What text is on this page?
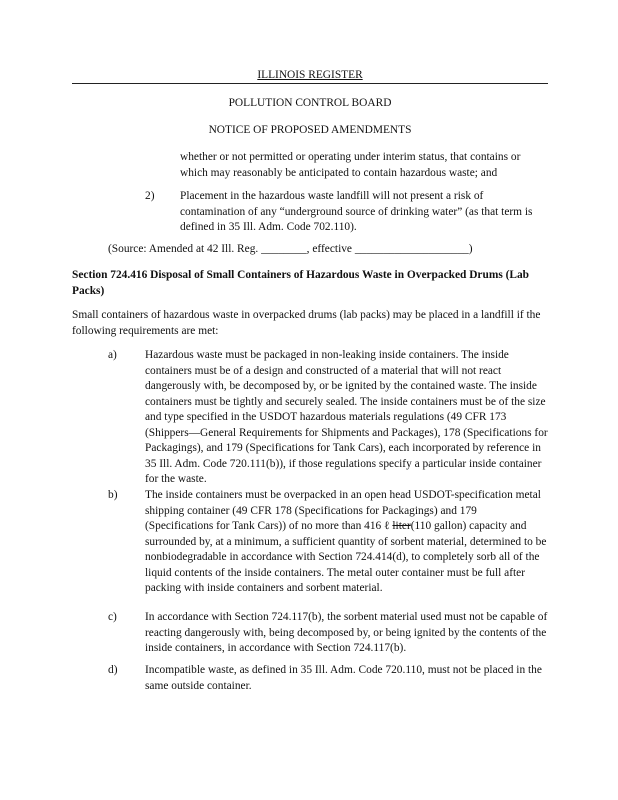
ILLINOIS REGISTER
POLLUTION CONTROL BOARD
NOTICE OF PROPOSED AMENDMENTS
whether or not permitted or operating under interim status, that contains or which may reasonably be anticipated to contain hazardous waste; and
2) Placement in the hazardous waste landfill will not present a risk of contamination of any “underground source of drinking water” (as that term is defined in 35 Ill. Adm. Code 702.110).
(Source: Amended at 42 Ill. Reg. ________, effective ____________________)
Section 724.416 Disposal of Small Containers of Hazardous Waste in Overpacked Drums (Lab Packs)
Small containers of hazardous waste in overpacked drums (lab packs) may be placed in a landfill if the following requirements are met:
a) Hazardous waste must be packaged in non-leaking inside containers. The inside containers must be of a design and constructed of a material that will not react dangerously with, be decomposed by, or be ignited by the contained waste. The inside containers must be tightly and securely sealed. The inside containers must be of the size and type specified in the USDOT hazardous materials regulations (49 CFR 173 (Shippers—General Requirements for Shipments and Packages), 178 (Specifications for Packagings), and 179 (Specifications for Tank Cars), each incorporated by reference in 35 Ill. Adm. Code 720.111(b)), if those regulations specify a particular inside container for the waste.
b) The inside containers must be overpacked in an open head USDOT-specification metal shipping container (49 CFR 178 (Specifications for Packagings) and 179 (Specifications for Tank Cars)) of no more than 416 ℓ liter(110 gallon) capacity and surrounded by, at a minimum, a sufficient quantity of sorbent material, determined to be nonbiodegradable in accordance with Section 724.414(d), to completely sorb all of the liquid contents of the inside containers. The metal outer container must be full after packing with inside containers and sorbent material.
c) In accordance with Section 724.117(b), the sorbent material used must not be capable of reacting dangerously with, being decomposed by, or being ignited by the contents of the inside containers, in accordance with Section 724.117(b).
d) Incompatible waste, as defined in 35 Ill. Adm. Code 720.110, must not be placed in the same outside container.
